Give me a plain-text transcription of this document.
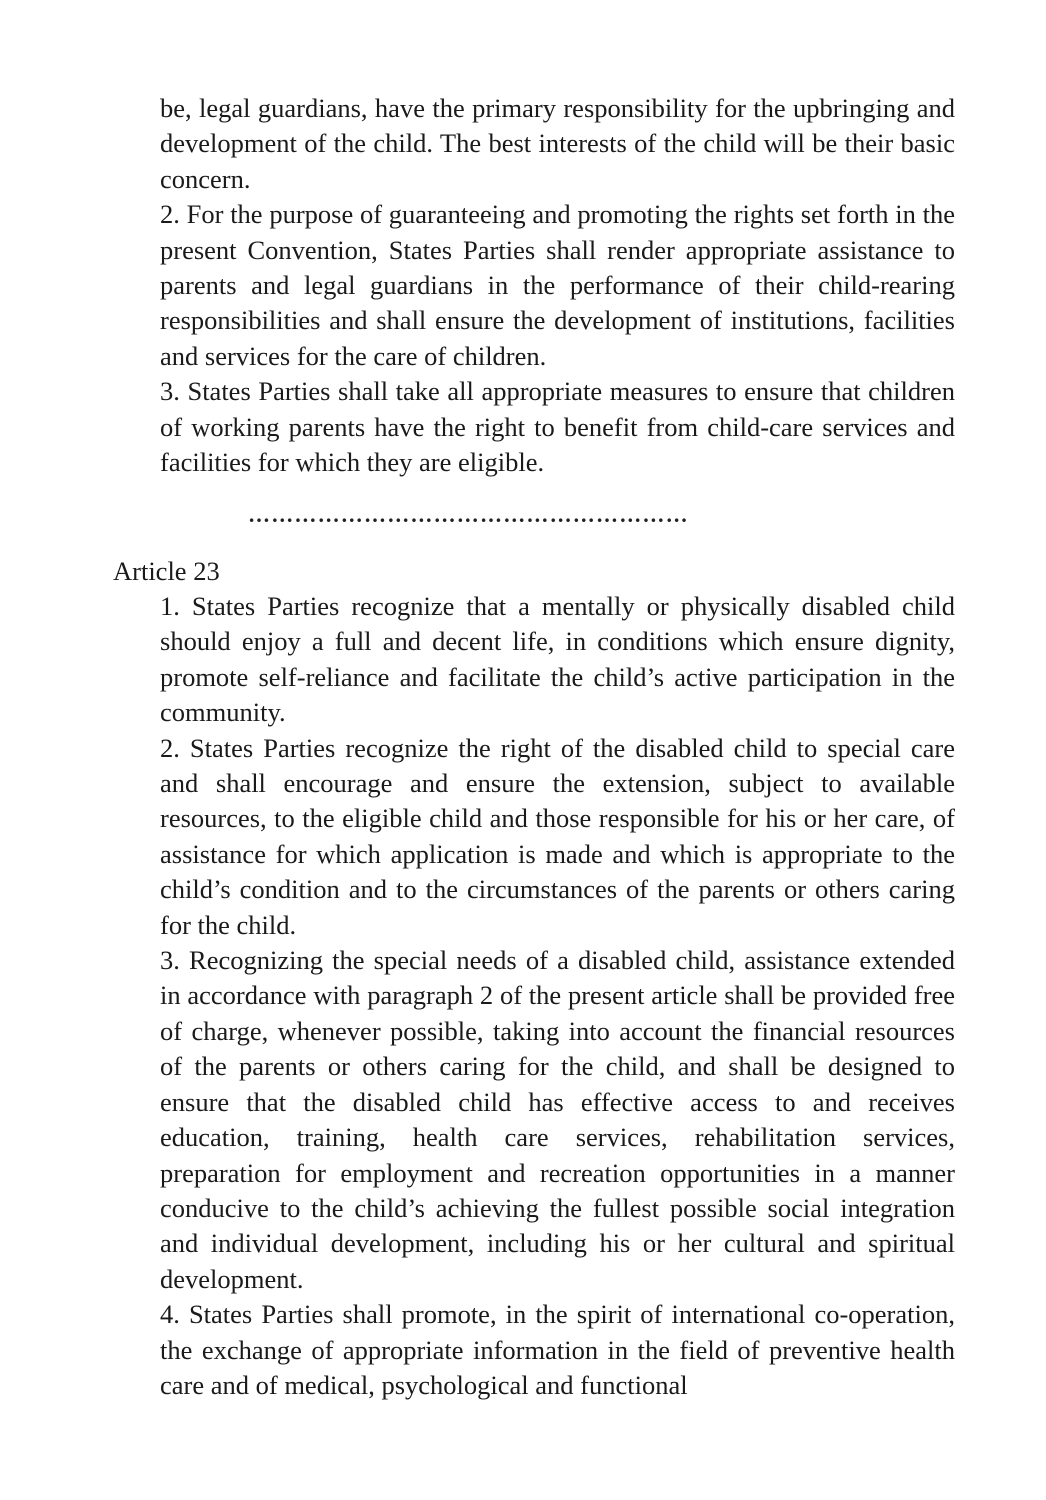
be, legal guardians, have the primary responsibility for the upbringing and development of the child. The best interests of the child will be their basic concern.

2. For the purpose of guaranteeing and promoting the rights set forth in the present Convention, States Parties shall render appropriate assistance to parents and legal guardians in the performance of their child-rearing responsibilities and shall ensure the development of institutions, facilities and services for the care of children.

3. States Parties shall take all appropriate measures to ensure that children of working parents have the right to benefit from child-care services and facilities for which they are eligible.

…………………………………………………
Article 23

1. States Parties recognize that a mentally or physically disabled child should enjoy a full and decent life, in conditions which ensure dignity, promote self-reliance and facilitate the child’s active participation in the community.

2. States Parties recognize the right of the disabled child to special care and shall encourage and ensure the extension, subject to available resources, to the eligible child and those responsible for his or her care, of assistance for which application is made and which is appropriate to the child’s condition and to the circumstances of the parents or others caring for the child.

3. Recognizing the special needs of a disabled child, assistance extended in accordance with paragraph 2 of the present article shall be provided free of charge, whenever possible, taking into account the financial resources of the parents or others caring for the child, and shall be designed to ensure that the disabled child has effective access to and receives education, training, health care services, rehabilitation services, preparation for employment and recreation opportunities in a manner conducive to the child’s achieving the fullest possible social integration and individual development, including his or her cultural and spiritual development.

4. States Parties shall promote, in the spirit of international co-operation, the exchange of appropriate information in the field of preventive health care and of medical, psychological and functional
